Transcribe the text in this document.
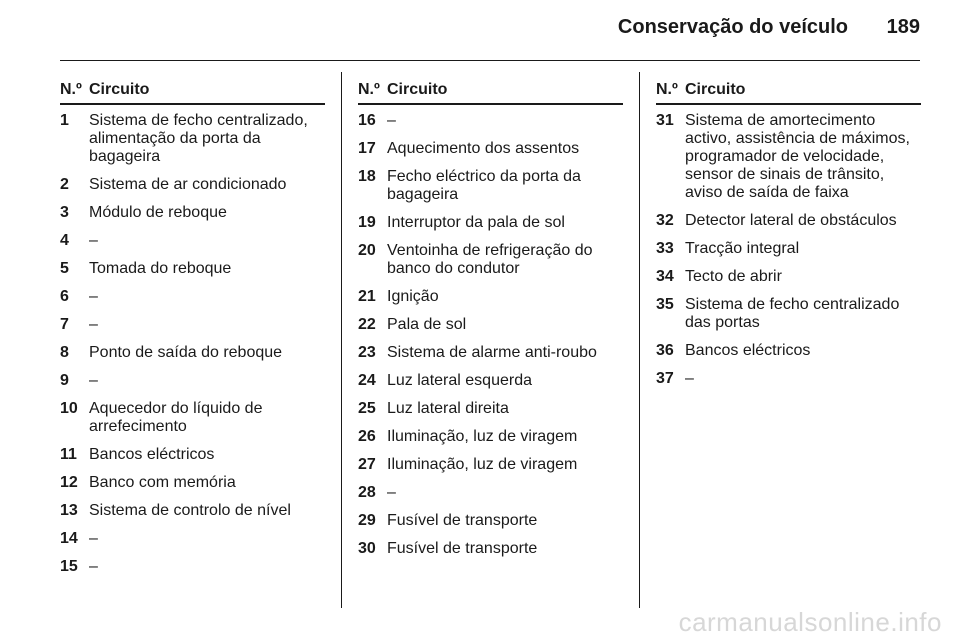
Conservação do veículo 189
N.º Circuito
1	Sistema de fecho centralizado, alimentação da porta da bagageira
2	Sistema de ar condicionado
3	Módulo de reboque
4	–
5	Tomada do reboque
6	–
7	–
8	Ponto de saída do reboque
9	–
10 Aquecedor do líquido de arrefecimento
11 Bancos eléctricos
12 Banco com memória
13 Sistema de controlo de nível
14 –
15 –
N.º Circuito
16 –
17 Aquecimento dos assentos
18 Fecho eléctrico da porta da bagageira
19 Interruptor da pala de sol
20 Ventoinha de refrigeração do banco do condutor
21 Ignição
22 Pala de sol
23 Sistema de alarme anti-roubo
24 Luz lateral esquerda
25 Luz lateral direita
26 Iluminação, luz de viragem
27 Iluminação, luz de viragem
28 –
29 Fusível de transporte
30 Fusível de transporte
N.º Circuito
31 Sistema de amortecimento activo, assistência de máximos, programador de velocidade, sensor de sinais de trânsito, aviso de saída de faixa
32 Detector lateral de obstáculos
33 Tracção integral
34 Tecto de abrir
35 Sistema de fecho centralizado das portas
36 Bancos eléctricos
37 –
carmanualsonline.info
